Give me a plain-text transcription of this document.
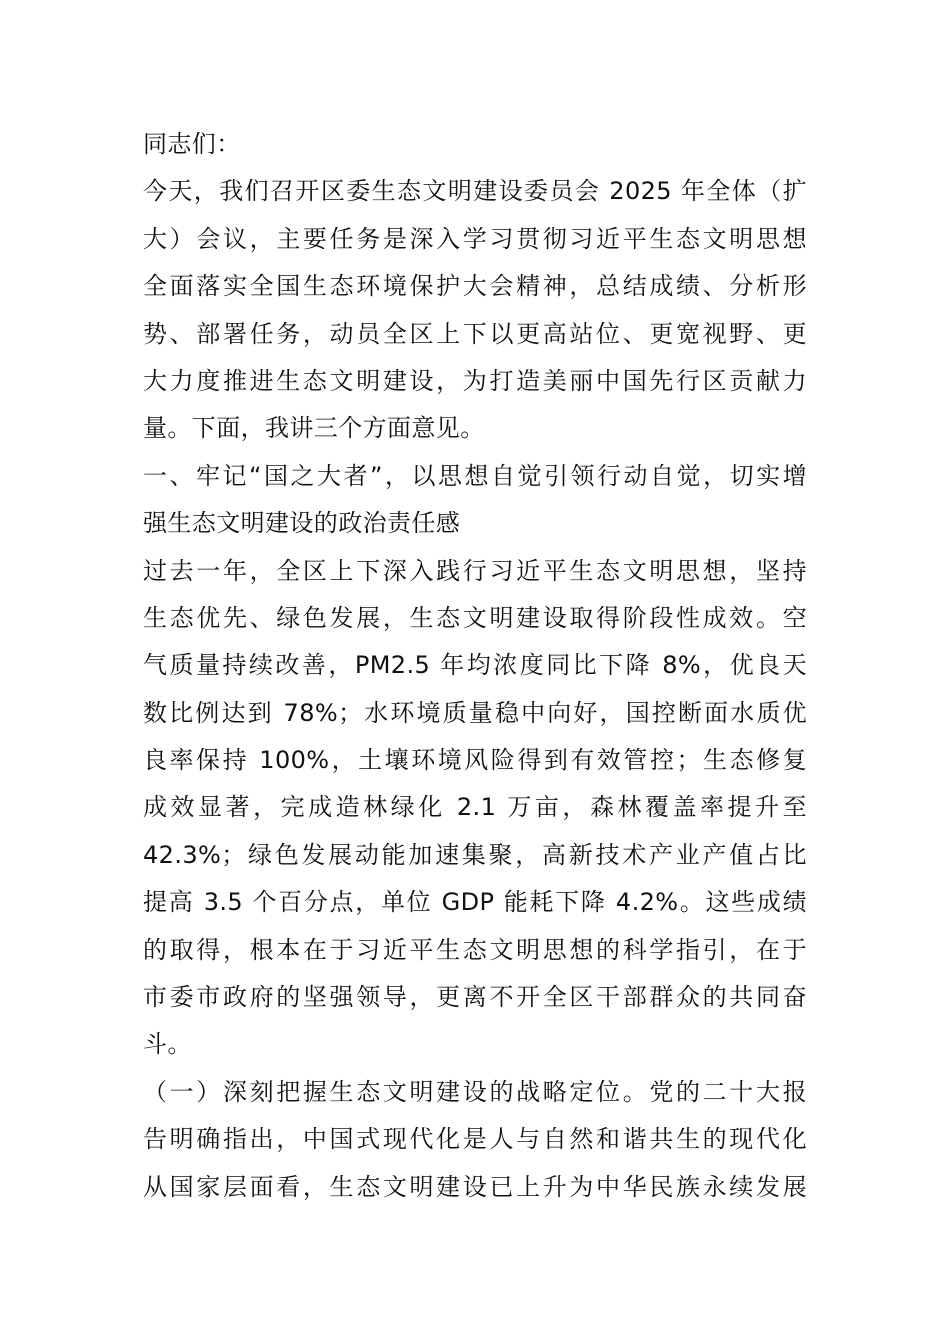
同志们：
今天，我们召开区委生态文明建设委员会 2025 年全体（扩
大）会议，主要任务是深入学习贯彻习近平生态文明思想
全面落实全国生态环境保护大会精神，总结成绩、分析形
势、部署任务，动员全区上下以更高站位、更宽视野、更
大力度推进生态文明建设，为打造美丽中国先行区贡献力
量。下面，我讲三个方面意见。
一、牢记“国之大者”，以思想自觉引领行动自觉，切实增
强生态文明建设的政治责任感
过去一年，全区上下深入践行习近平生态文明思想，坚持
生态优先、绿色发展，生态文明建设取得阶段性成效。空
气质量持续改善，PM2.5 年均浓度同比下降 8%，优良天
数比例达到 78%；水环境质量稳中向好，国控断面水质优
良率保持 100%，土壤环境风险得到有效管控；生态修复
成效显著，完成造林绿化 2.1 万亩，森林覆盖率提升至
42.3%；绿色发展动能加速集聚，高新技术产业产值占比
提高 3.5 个百分点，单位 GDP 能耗下降 4.2%。这些成绩
的取得，根本在于习近平生态文明思想的科学指引，在于
市委市政府的坚强领导，更离不开全区干部群众的共同奋
斗。
（一）深刻把握生态文明建设的战略定位。党的二十大报
告明确指出，中国式现代化是人与自然和谐共生的现代化
从国家层面看，生态文明建设已上升为中华民族永续发展
